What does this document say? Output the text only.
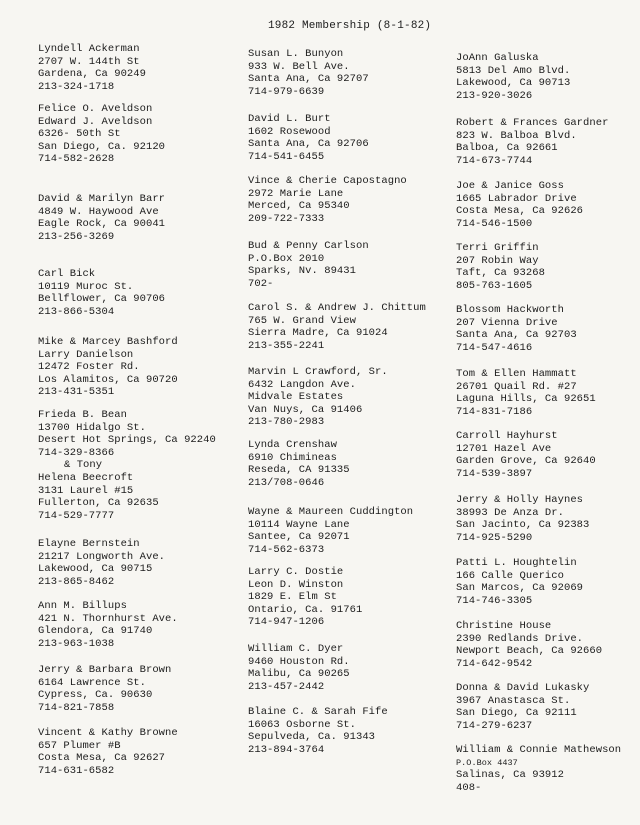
1982 Membership (8-1-82)
Lyndell Ackerman
2707 W. 144th St
Gardena, Ca 90249
213-324-1718
Felice O. Aveldson
Edward J. Aveldson
6326- 50th St
San Diego, Ca. 92120
714-582-2628
David & Marilyn Barr
4849 W. Haywood Ave
Eagle Rock, Ca 90041
213-256-3269
Carl Bick
10119 Muroc St.
Bellflower, Ca 90706
213-866-5304
Mike & Marcey Bashford
Larry Danielson
12472 Foster Rd.
Los Alamitos, Ca 90720
213-431-5351
Frieda B. Bean
13700 Hidalgo St.
Desert Hot Springs, Ca 92240
714-329-8366
& Tony
Helena Beecroft
3131 Laurel #15
Fullerton, Ca 92635
714-529-7777
Elayne Bernstein
21217 Longworth Ave.
Lakewood, Ca 90715
213-865-8462
Ann M. Billups
421 N. Thornhurst Ave.
Glendora, Ca 91740
213-963-1038
Jerry & Barbara Brown
6164 Lawrence St.
Cypress, Ca. 90630
714-821-7858
Vincent & Kathy Browne
657 Plumer #B
Costa Mesa, Ca 92627
714-631-6582
Susan L. Bunyon
933 W. Bell Ave.
Santa Ana, Ca 92707
714-979-6639
David L. Burt
1602 Rosewood
Santa Ana, Ca 92706
714-541-6455
Vince & Cherie Capostagno
2972 Marie Lane
Merced, Ca 95340
209-722-7333
Bud & Penny Carlson
P.O.Box 2010
Sparks, Nv. 89431
702-
Carol S. & Andrew J. Chittum
765 W. Grand View
Sierra Madre, Ca 91024
213-355-2241
Marvin L Crawford, Sr.
6432 Langdon Ave.
Midvale Estates
Van Nuys, Ca 91406
213-780-2983
Lynda Crenshaw
6910 Chimineas
Reseda, CA 91335
213/708-0646
Wayne & Maureen Cuddington
10114 Wayne Lane
Santee, Ca 92071
714-562-6373
Larry C. Dostie
Leon D. Winston
1829 E. Elm St
Ontario, Ca. 91761
714-947-1206
William C. Dyer
9460 Houston Rd.
Malibu, Ca 90265
213-457-2442
Blaine C. & Sarah Fife
16063 Osborne St.
Sepulveda, Ca. 91343
213-894-3764
JoAnn Galuska
5813 Del Amo Blvd.
Lakewood, Ca 90713
213-920-3026
Robert & Frances Gardner
823 W. Balboa Blvd.
Balboa, Ca 92661
714-673-7744
Joe & Janice Goss
1665 Labrador Drive
Costa Mesa, Ca 92626
714-546-1500
Terri Griffin
207 Robin Way
Taft, Ca 93268
805-763-1605
Blossom Hackworth
207 Vienna Drive
Santa Ana, Ca 92703
714-547-4616
Tom & Ellen Hammatt
26701 Quail Rd. #27
Laguna Hills, Ca 92651
714-831-7186
Carroll Hayhurst
12701 Hazel Ave
Garden Grove, Ca 92640
714-539-3897
Jerry & Holly Haynes
38993 De Anza Dr.
San Jacinto, Ca 92383
714-925-5290
Patti L. Houghtelin
166 Calle Querico
San Marcos, Ca 92069
714-746-3305
Christine House
2390 Redlands Drive.
Newport Beach, Ca 92660
714-642-9542
Donna & David Lukasky
3967 Anastasca St.
San Diego, Ca 92111
714-279-6237
William & Connie Mathewson
P.O.Box 4437
Salinas, Ca 93912
408-
